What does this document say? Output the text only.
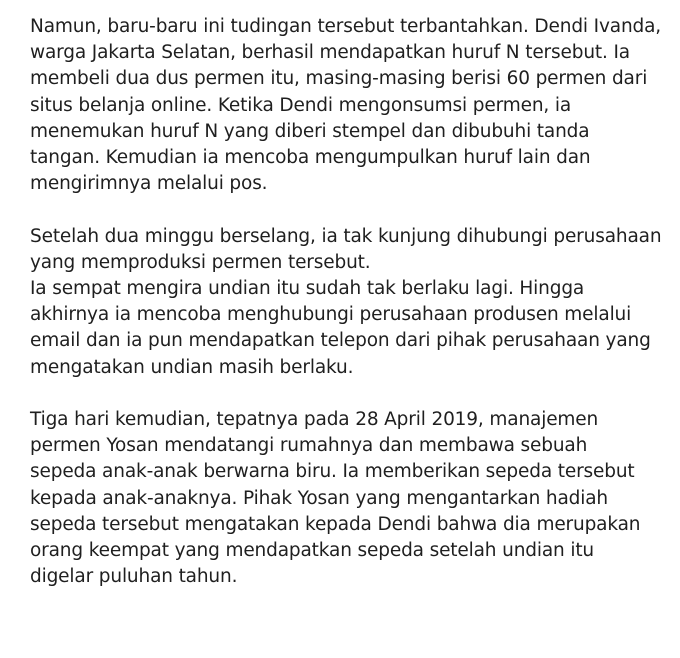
Namun, baru-baru ini tudingan tersebut terbantahkan. Dendi Ivanda,
warga Jakarta Selatan, berhasil mendapatkan huruf N tersebut. Ia
membeli dua dus permen itu, masing-masing berisi 60 permen dari
situs belanja online. Ketika Dendi mengonsumsi permen, ia
menemukan huruf N yang diberi stempel dan dibubuhi tanda
tangan. Kemudian ia mencoba mengumpulkan huruf lain dan
mengirimnya melalui pos.
Setelah dua minggu berselang, ia tak kunjung dihubungi perusahaan
yang memproduksi permen tersebut.
Ia sempat mengira undian itu sudah tak berlaku lagi. Hingga
akhirnya ia mencoba menghubungi perusahaan produsen melalui
email dan ia pun mendapatkan telepon dari pihak perusahaan yang
mengatakan undian masih berlaku.
Tiga hari kemudian, tepatnya pada 28 April 2019, manajemen
permen Yosan mendatangi rumahnya dan membawa sebuah
sepeda anak-anak berwarna biru. Ia memberikan sepeda tersebut
kepada anak-anaknya. Pihak Yosan yang mengantarkan hadiah
sepeda tersebut mengatakan kepada Dendi bahwa dia merupakan
orang keempat yang mendapatkan sepeda setelah undian itu
digelar puluhan tahun.
